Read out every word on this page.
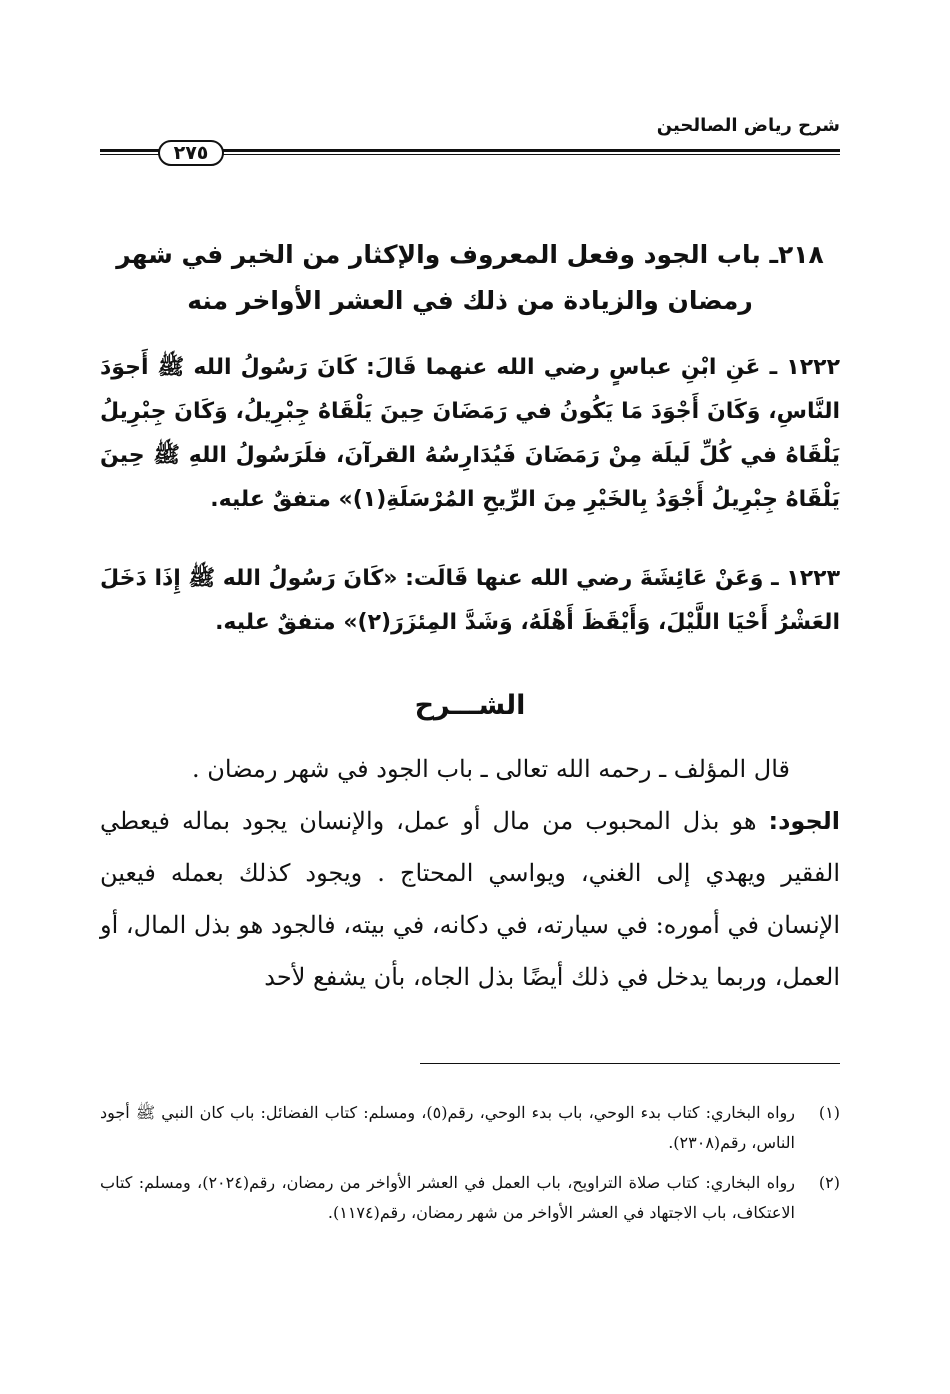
شرح رياض الصالحين
٢٧٥
٢١٨ـ باب الجود وفعل المعروف والإكثار من الخير في شهر رمضان والزيادة من ذلك في العشر الأواخر منه

١٢٢٢ ـ عَنِ ابْنِ عباسٍ رضي الله عنهما قَالَ: كَانَ رَسُولُ الله ﷺ أَجوَدَ النَّاسِ، وَكَانَ أَجْوَدَ مَا يَكُونُ في رَمَضَانَ حِينَ يَلْقَاهُ جِبْرِيلُ، وَكَانَ جِبْرِيلُ يَلْقَاهُ في كُلِّ لَيلَة مِنْ رَمَضَانَ فَيُدَارِسُهُ القرآنَ، فلَرَسُولُ اللهِ ﷺ حِينَ يَلْقَاهُ جِبْرِيلُ أَجْوَدُ بِالخَيْرِ مِنَ الرِّيحِ المُرْسَلَةِ(١)» متفقٌ عليه.

١٢٢٣ ـ وَعَنْ عَائِشَةَ رضي الله عنها قَالَت: «كَانَ رَسُولُ الله ﷺ إِذَا دَخَلَ العَشْرُ أَحْيَا اللَّيْلَ، وَأَيْقَظَ أَهْلَهُ، وَشَدَّ المِئزَرَ(٢)» متفقٌ عليه.

الشـــرح

قال المؤلف ـ رحمه الله تعالى ـ باب الجود في شهر رمضان .

الجود: هو بذل المحبوب من مال أو عمل، والإنسان يجود بماله فيعطي الفقير ويهدي إلى الغني، ويواسي المحتاج . ويجود كذلك بعمله فيعين الإنسان في أموره: في سيارته، في دكانه، في بيته، فالجود هو بذل المال، أو العمل، وربما يدخل في ذلك أيضًا بذل الجاه، بأن يشفع لأحد

(١)
رواه البخاري: كتاب بدء الوحي، باب بدء الوحي، رقم(٥)، ومسلم: كتاب الفضائل: باب كان النبي ﷺ أجود الناس، رقم(٢٣٠٨).
(٢)
رواه البخاري: كتاب صلاة التراويح، باب العمل في العشر الأواخر من رمضان، رقم(٢٠٢٤)، ومسلم: كتاب الاعتكاف، باب الاجتهاد في العشر الأواخر من شهر رمضان، رقم(١١٧٤).
